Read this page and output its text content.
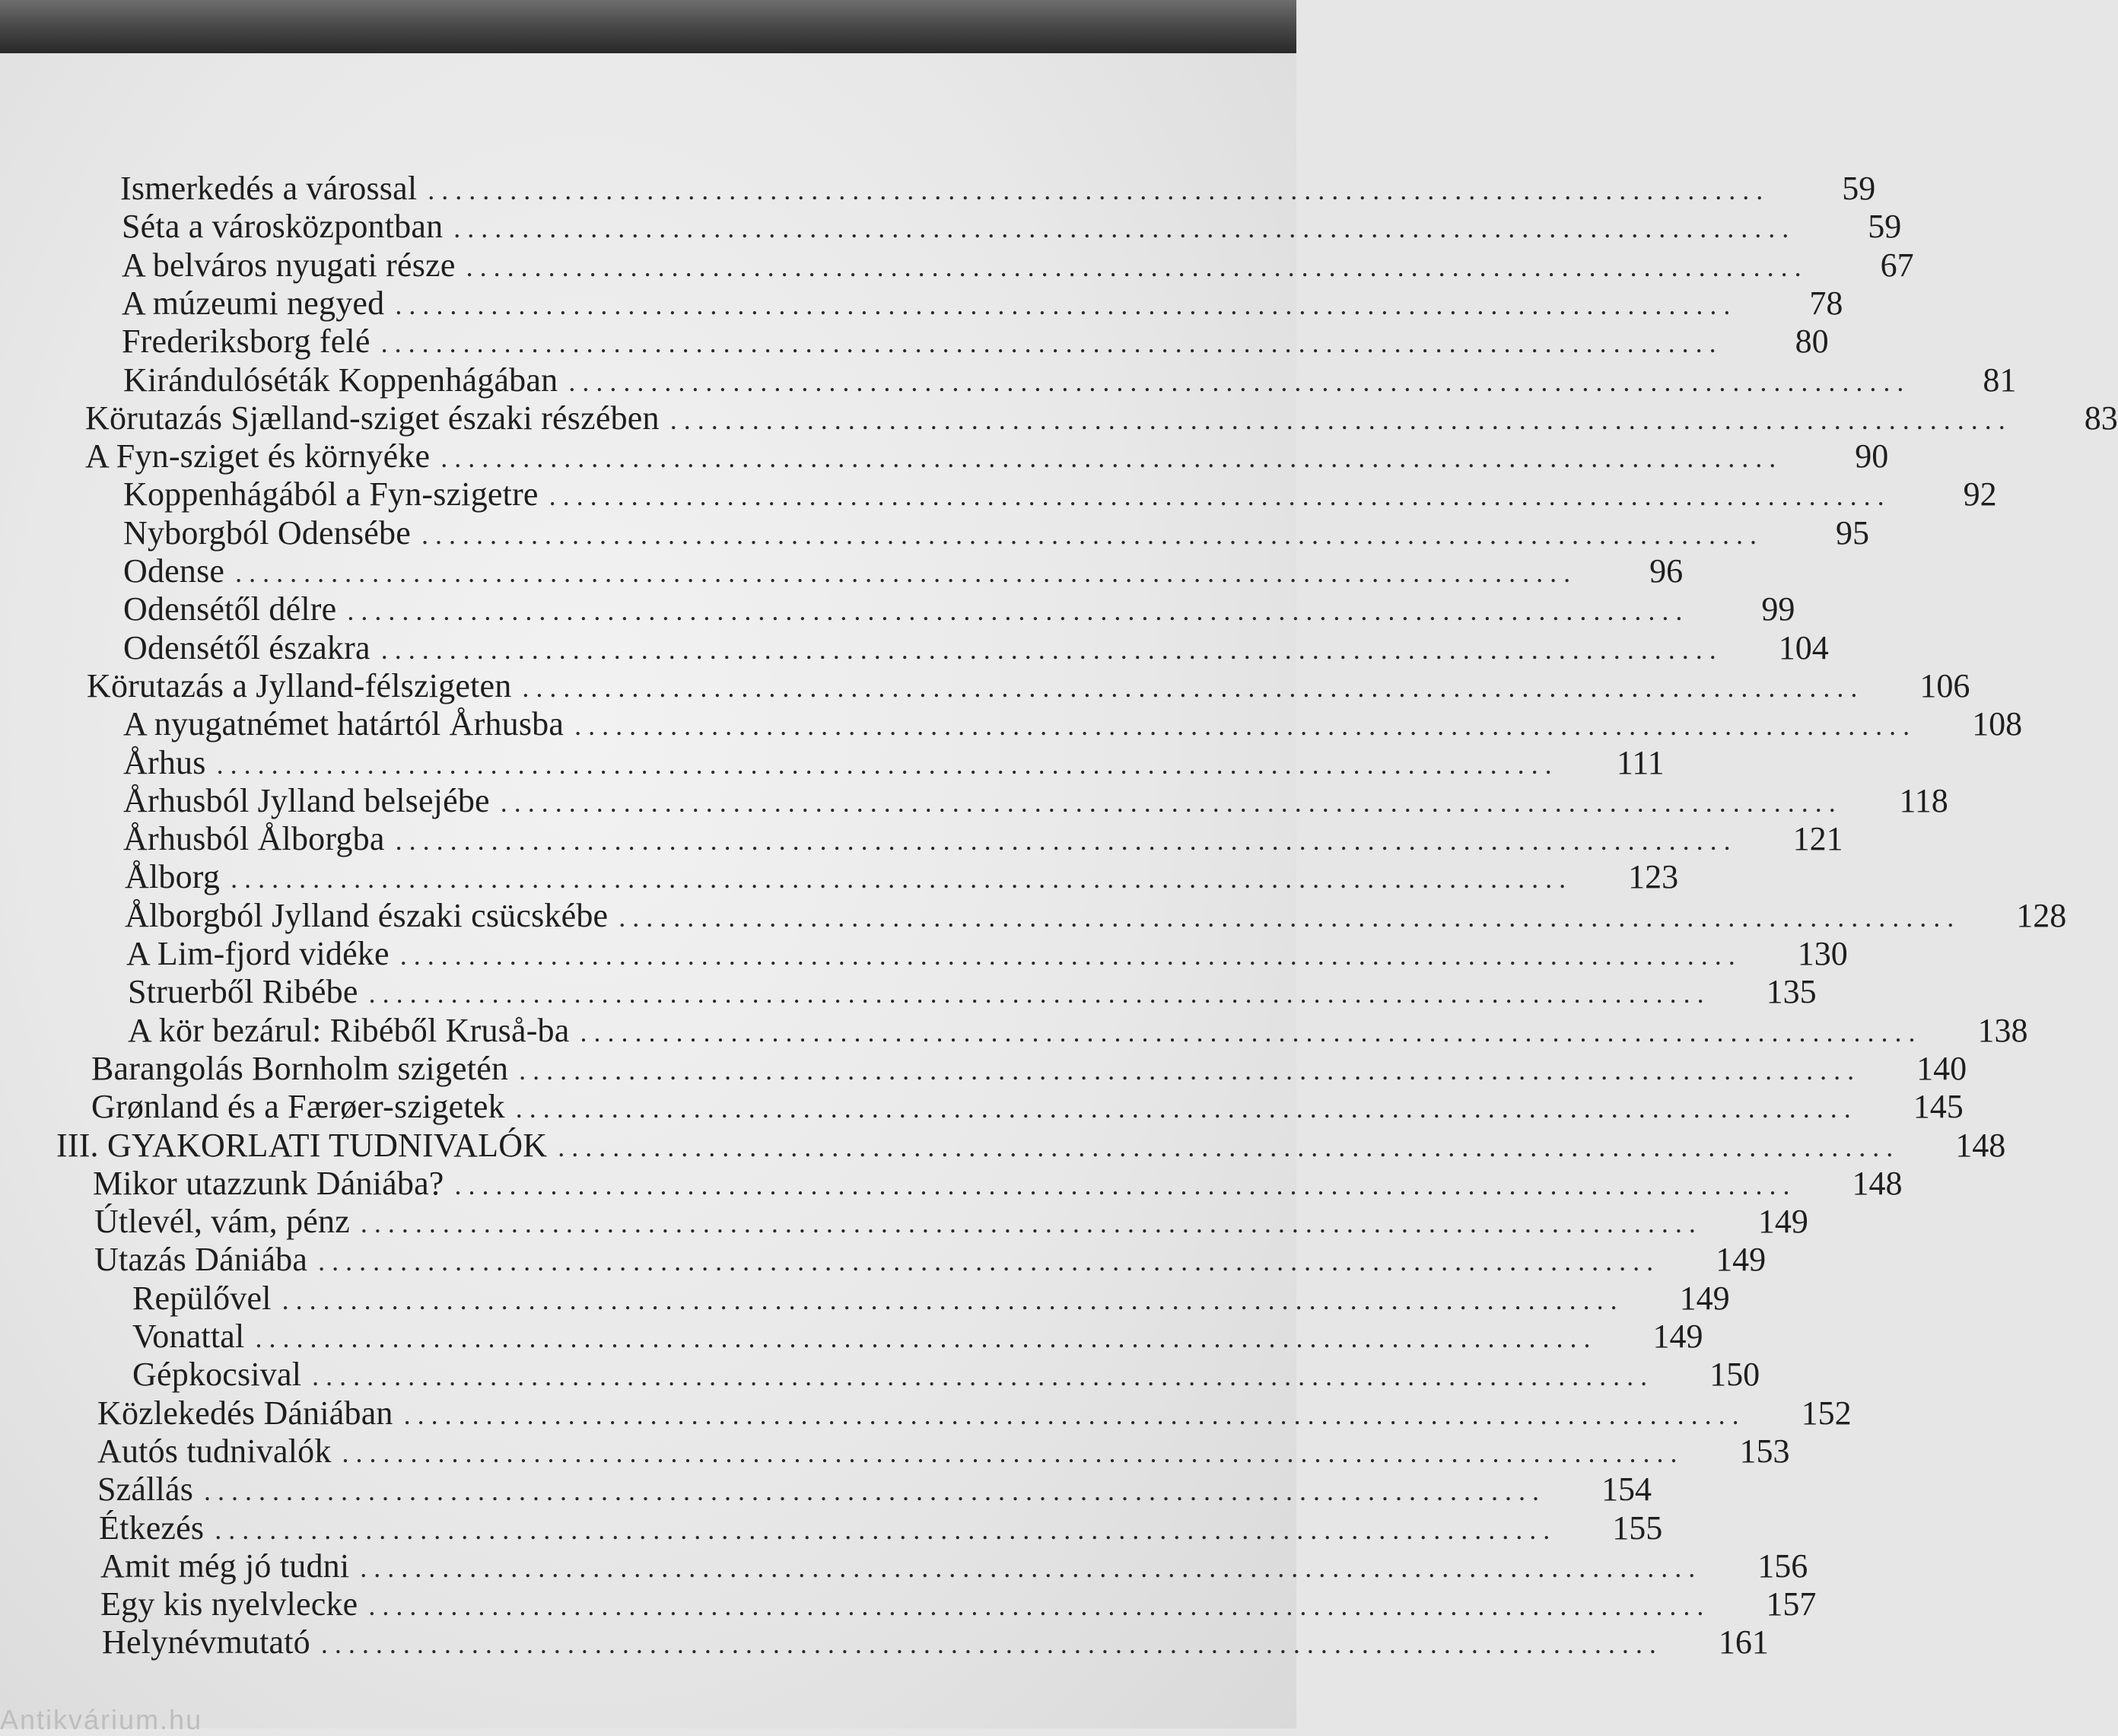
Ismerkedés a várossal . . .	59
Séta a városközpontban . . .	59
A belváros nyugati része . . .	67
A múzeumi negyed . . .	78
Frederiksborg felé . . .	80
Kirándulóséták Koppenhágában . . .	81
Körutazás Sjælland-sziget északi részében . . .	83
A Fyn-sziget és környéke . . .	90
Koppenhágából a Fyn-szigetre . . .	92
Nyborgból Odensébe . . .	95
Odense . . .	96
Odensétől délre . . .	99
Odensétől északra . . .	104
Körutazás a Jylland-félszigeten . . .	106
A nyugatnémet határtól Århusba . . .	108
Århus . . .	111
Århusból Jylland belsejébe . . .	118
Århusból Ålborgba . . .	121
Ålborg . . .	123
Ålborgból Jylland északi csücskébe . . .	128
A Lim-fjord vidéke . . .	130
Struerből Ribébe . . .	135
A kör bezárul: Ribéből Kruså-ba . . .	138
Barangolás Bornholm szigetén . . .	140
Grønland és a Færøer-szigetek . . .	145
III. GYAKORLATI TUDNIVALÓK . . .	148
Mikor utazzunk Dániába? . . .	148
Útlevél, vám, pénz . . .	149
Utazás Dániába . . .	149
Repülővel . . .	149
Vonattal . . .	149
Gépkocsival . . .	150
Közlekedés Dániában . . .	152
Autós tudnivalók . . .	153
Szállás . . .	154
Étkezés . . .	155
Amit még jó tudni . . .	156
Egy kis nyelvlecke . . .	157
Helynévmutató . . .	161
Antikvárium.hu
